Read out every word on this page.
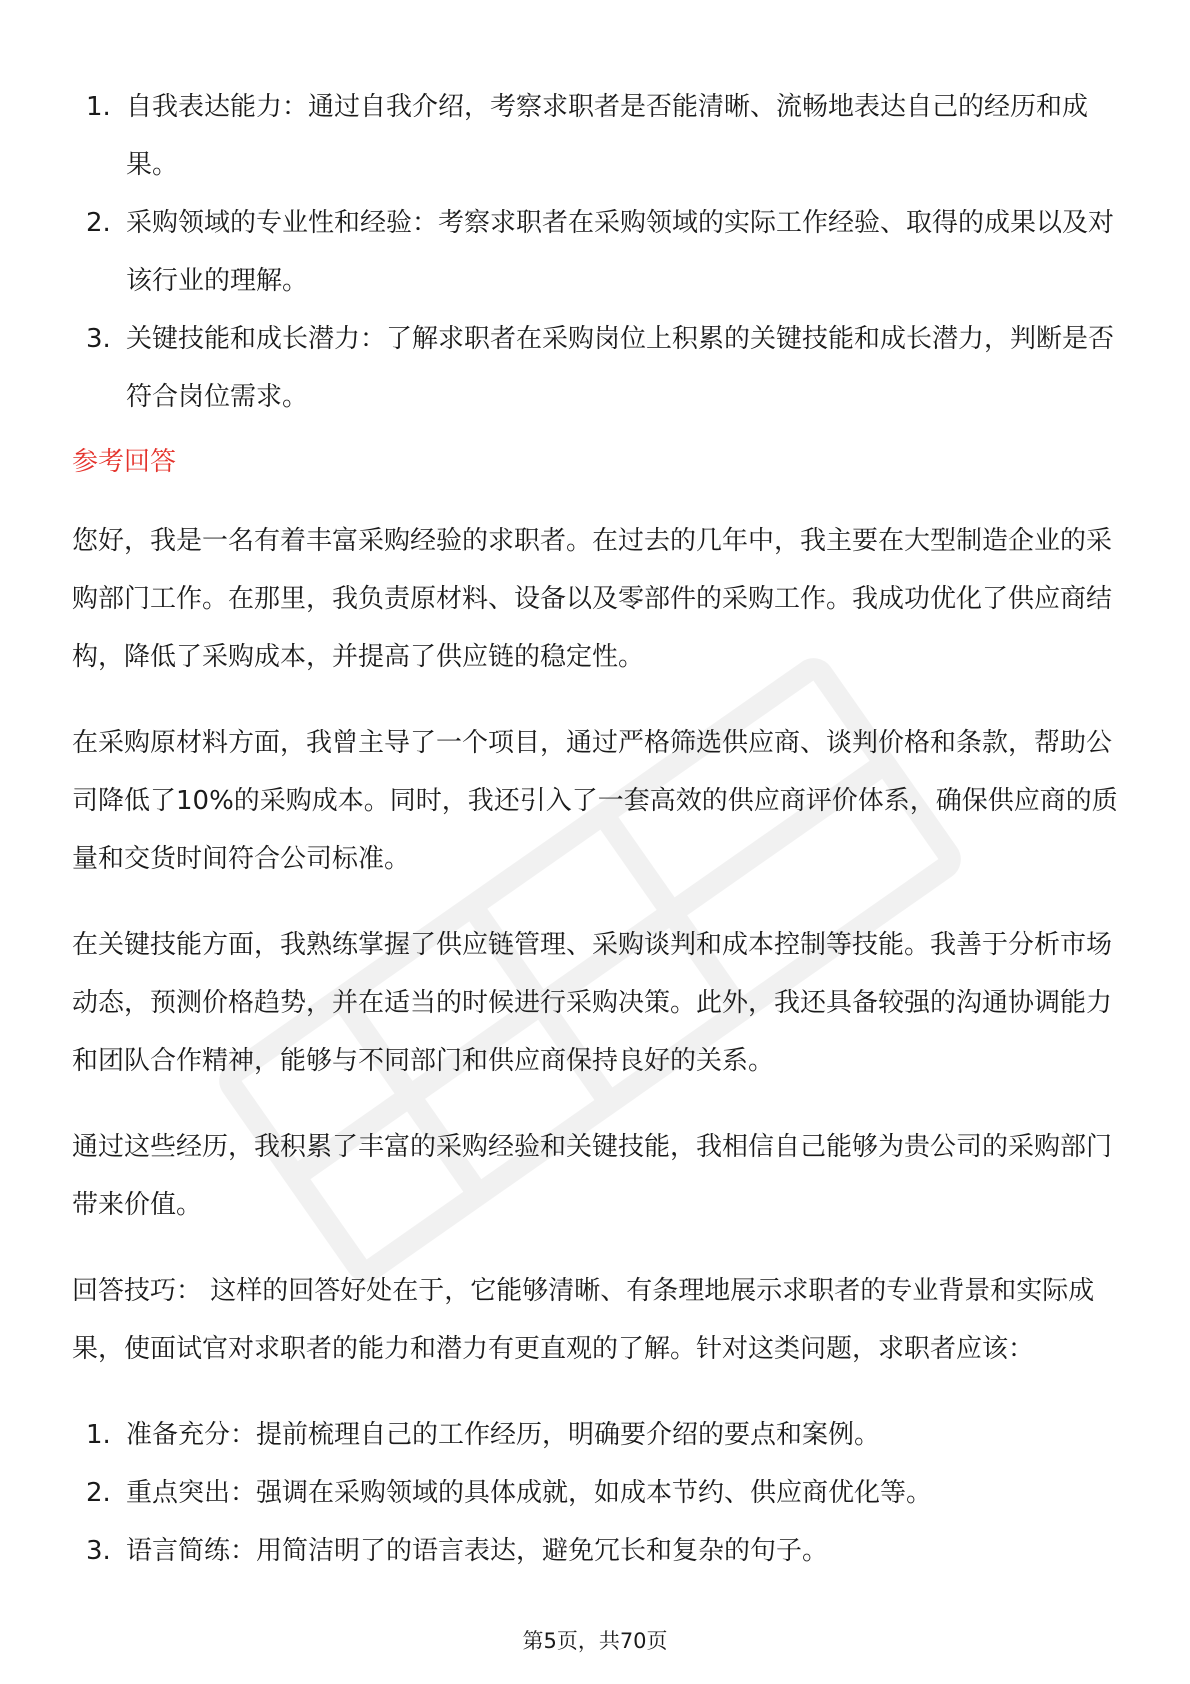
1. 自我表达能力：通过自我介绍，考察求职者是否能清晰、流畅地表达自己的经历和成果。
2. 采购领域的专业性和经验：考察求职者在采购领域的实际工作经验、取得的成果以及对该行业的理解。
3. 关键技能和成长潜力：了解求职者在采购岗位上积累的关键技能和成长潜力，判断是否符合岗位需求。
参考回答

您好，我是一名有着丰富采购经验的求职者。在过去的几年中，我主要在大型制造企业的采购部门工作。在那里，我负责原材料、设备以及零部件的采购工作。我成功优化了供应商结构，降低了采购成本，并提高了供应链的稳定性。

在采购原材料方面，我曾主导了一个项目，通过严格筛选供应商、谈判价格和条款，帮助公司降低了10%的采购成本。同时，我还引入了一套高效的供应商评价体系，确保供应商的质量和交货时间符合公司标准。

在关键技能方面，我熟练掌握了供应链管理、采购谈判和成本控制等技能。我善于分析市场动态，预测价格趋势，并在适当的时候进行采购决策。此外，我还具备较强的沟通协调能力和团队合作精神，能够与不同部门和供应商保持良好的关系。

通过这些经历，我积累了丰富的采购经验和关键技能，我相信自己能够为贵公司的采购部门带来价值。

回答技巧： 这样的回答好处在于，它能够清晰、有条理地展示求职者的专业背景和实际成果，使面试官对求职者的能力和潜力有更直观的了解。针对这类问题，求职者应该：

1. 准备充分：提前梳理自己的工作经历，明确要介绍的要点和案例。
2. 重点突出：强调在采购领域的具体成就，如成本节约、供应商优化等。
3. 语言简练：用简洁明了的语言表达，避免冗长和复杂的句子。
第5页，共70页
